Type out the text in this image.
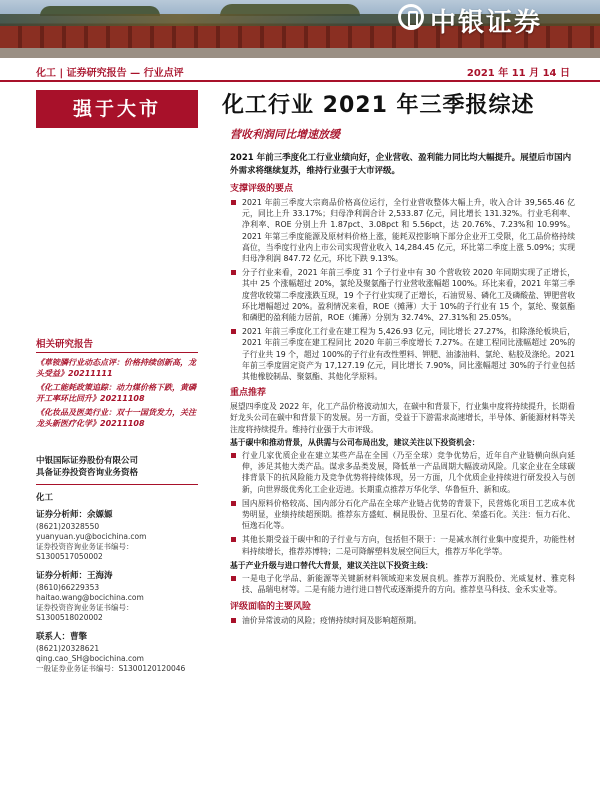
中银证券
化工 | 证券研究报告 — 行业点评	2021 年 11 月 14 日
强于大市	化工行业 2021 年三季报综述
营收利润同比增速放缓
相关研究报告
《草铵膦行业动态点评：价格持续创新高，龙头受益》20211111
《化工能耗政策追踪：动力煤价格下跌，黄磷开工率环比回升》20211108
《化妆品及医美行业：双十一国货发力，关注龙头新医疗化学》20211108
中银国际证券股份有限公司
具备证券投资咨询业务资格
化工
证券分析师：余嫄嫄
(8621)20328550
yuanyuan.yu@bocichina.com
证券投资咨询业务证书编号：S1300517050002
证券分析师：王海涛
(8610)66229353
haitao.wang@bocichina.com
证券投资咨询业务证书编号：S1300518020002
联系人：曹擎
(8621)20328621
qing.cao_SH@bocichina.com
一般证券业务证书编号：S1300120120046
2021 年前三季度化工行业业绩向好，企业营收、盈利能力同比均大幅提升。展望后市国内外需求将继续复苏，维持行业强于大市评级。
支撑评级的要点
2021 年前三季度大宗商品价格高位运行，全行业营收整体大幅上升，收入合计 39,565.46 亿元，同比上升 33.17%；归母净利润合计 2,533.87 亿元，同比增长 131.32%。行业毛利率、净利率、ROE 分别上升 1.87pct、3.08pct 和 5.56pct，达 20.76%、7.23%和 10.99%。2021 年第三季度能源及原材料价格上涨，能耗双控影响下部分企业开工受限，化工品价格持续高位，当季度行业内上市公司实现营业收入 14,284.45 亿元，环比第二季度上涨 5.09%；实现归母净利润 847.72 亿元，环比下跌 9.13%。
分子行业来看，2021 年前三季度 31 个子行业中有 30 个营收较 2020 年同期实现了正增长，其中 25 个涨幅超过 20%，氯纶及聚氨酯子行业营收涨幅超 100%。环比来看，2021 年第三季度营收较第二季度涨跌互现，19 个子行业实现了正增长，石油贸易、磷化工及磷酸盐、钾肥营收环比增幅超过 20%。盈利情况来看，ROE（摊薄）大于 10%的子行业有 15 个，氯纶、聚氨酯和磷肥的盈利能力居前，ROE（摊薄）分别为 32.74%、27.31%和 25.05%。
2021 年前三季度化工行业在建工程为 5,426.93 亿元，同比增长 27.27%，扣除涤纶板块后，2021 年前三季度在建工程同比 2020 年前三季度增长 7.27%。在建工程同比涨幅超过 20%的子行业共 19 个，超过 100%的子行业有改性塑料、钾肥、油漆油料、氯纶、粘胶及涤纶。2021 年前三季度固定资产为 17,127.19 亿元，同比增长 7.90%，同比涨幅超过 30%的子行业包括其他橡胶制品、聚氨酯、其他化学原料。
重点推荐
展望四季度及 2022 年，化工产品价格波动加大，在碳中和背景下，行业集中度将持续提升，长期看好龙头公司在碳中和背景下的发展。另一方面，受益于下游需求高速增长，半导体、新能源材料等关注度将持续提升。维持行业强于大市评级。
基于碳中和推动背景，从供需与公司布局出发，建议关注以下投资机会：
行业几家优质企业在建立某些产品在全国（乃至全球）竞争优势后，近年自产业链横向纵向延伸，涉足其他大类产品。谋求多品类发展，降低单一产品周期大幅波动风险。几家企业在全球碳排背景下的抗风险能力及竞争优势将持续体现，另一方面，几个优质企业持续进行研发投入与创新，向世界级优秀化工企业迈进。长期重点推荐万华化学、华鲁恒升、新和成。
国内原料价格较高、国内部分石化产品在全球产业链占优势的背景下，民营炼化项目工艺成本优势明显，业绩持续超预期。推荐东方盛虹、桐昆股份、卫星石化、荣盛石化。关注：恒力石化、恒逸石化等。
其他长期受益于碳中和的子行业与方向，包括但不限于：一是减水剂行业集中度提升，功能性材料持续增长，推荐苏博特；二是可降解塑料发展空间巨大，推荐万华化学等。
基于产业升级与进口替代大背景，建议关注以下投资主线：
一是电子化学品、新能源等关键新材料领域迎来发展良机。推荐万润股份、光威复材、雅克科技、晶瑞电材等。二是有能力进行进口替代或逐渐提升的方向。推荐皇马科技、金禾实业等。
评级面临的主要风险
油价异常波动的风险；疫情持续时间及影响超预期。
